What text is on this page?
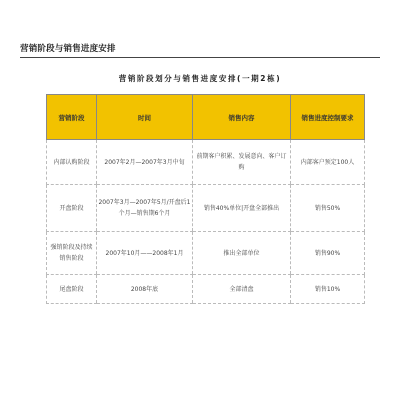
营销阶段与销售进度安排
营销阶段划分与销售进度安排(一期2栋)
营销阶段	时间	销售内容	销售进度控制要求
内部认购阶段	2007年2月—2007年3月中旬	前期客户积累、发展意向、客户订购	内部客户预定100人
开盘阶段	2007年3月—2007年5月/开盘后1个月—销售期6个月	销售40%单位|开盘全部推出	销售50%
强销阶段及持续销售阶段	2007年10月——2008年1月	推出全部单位	销售90%
尾盘阶段	2008年底	全部清盘	销售10%
